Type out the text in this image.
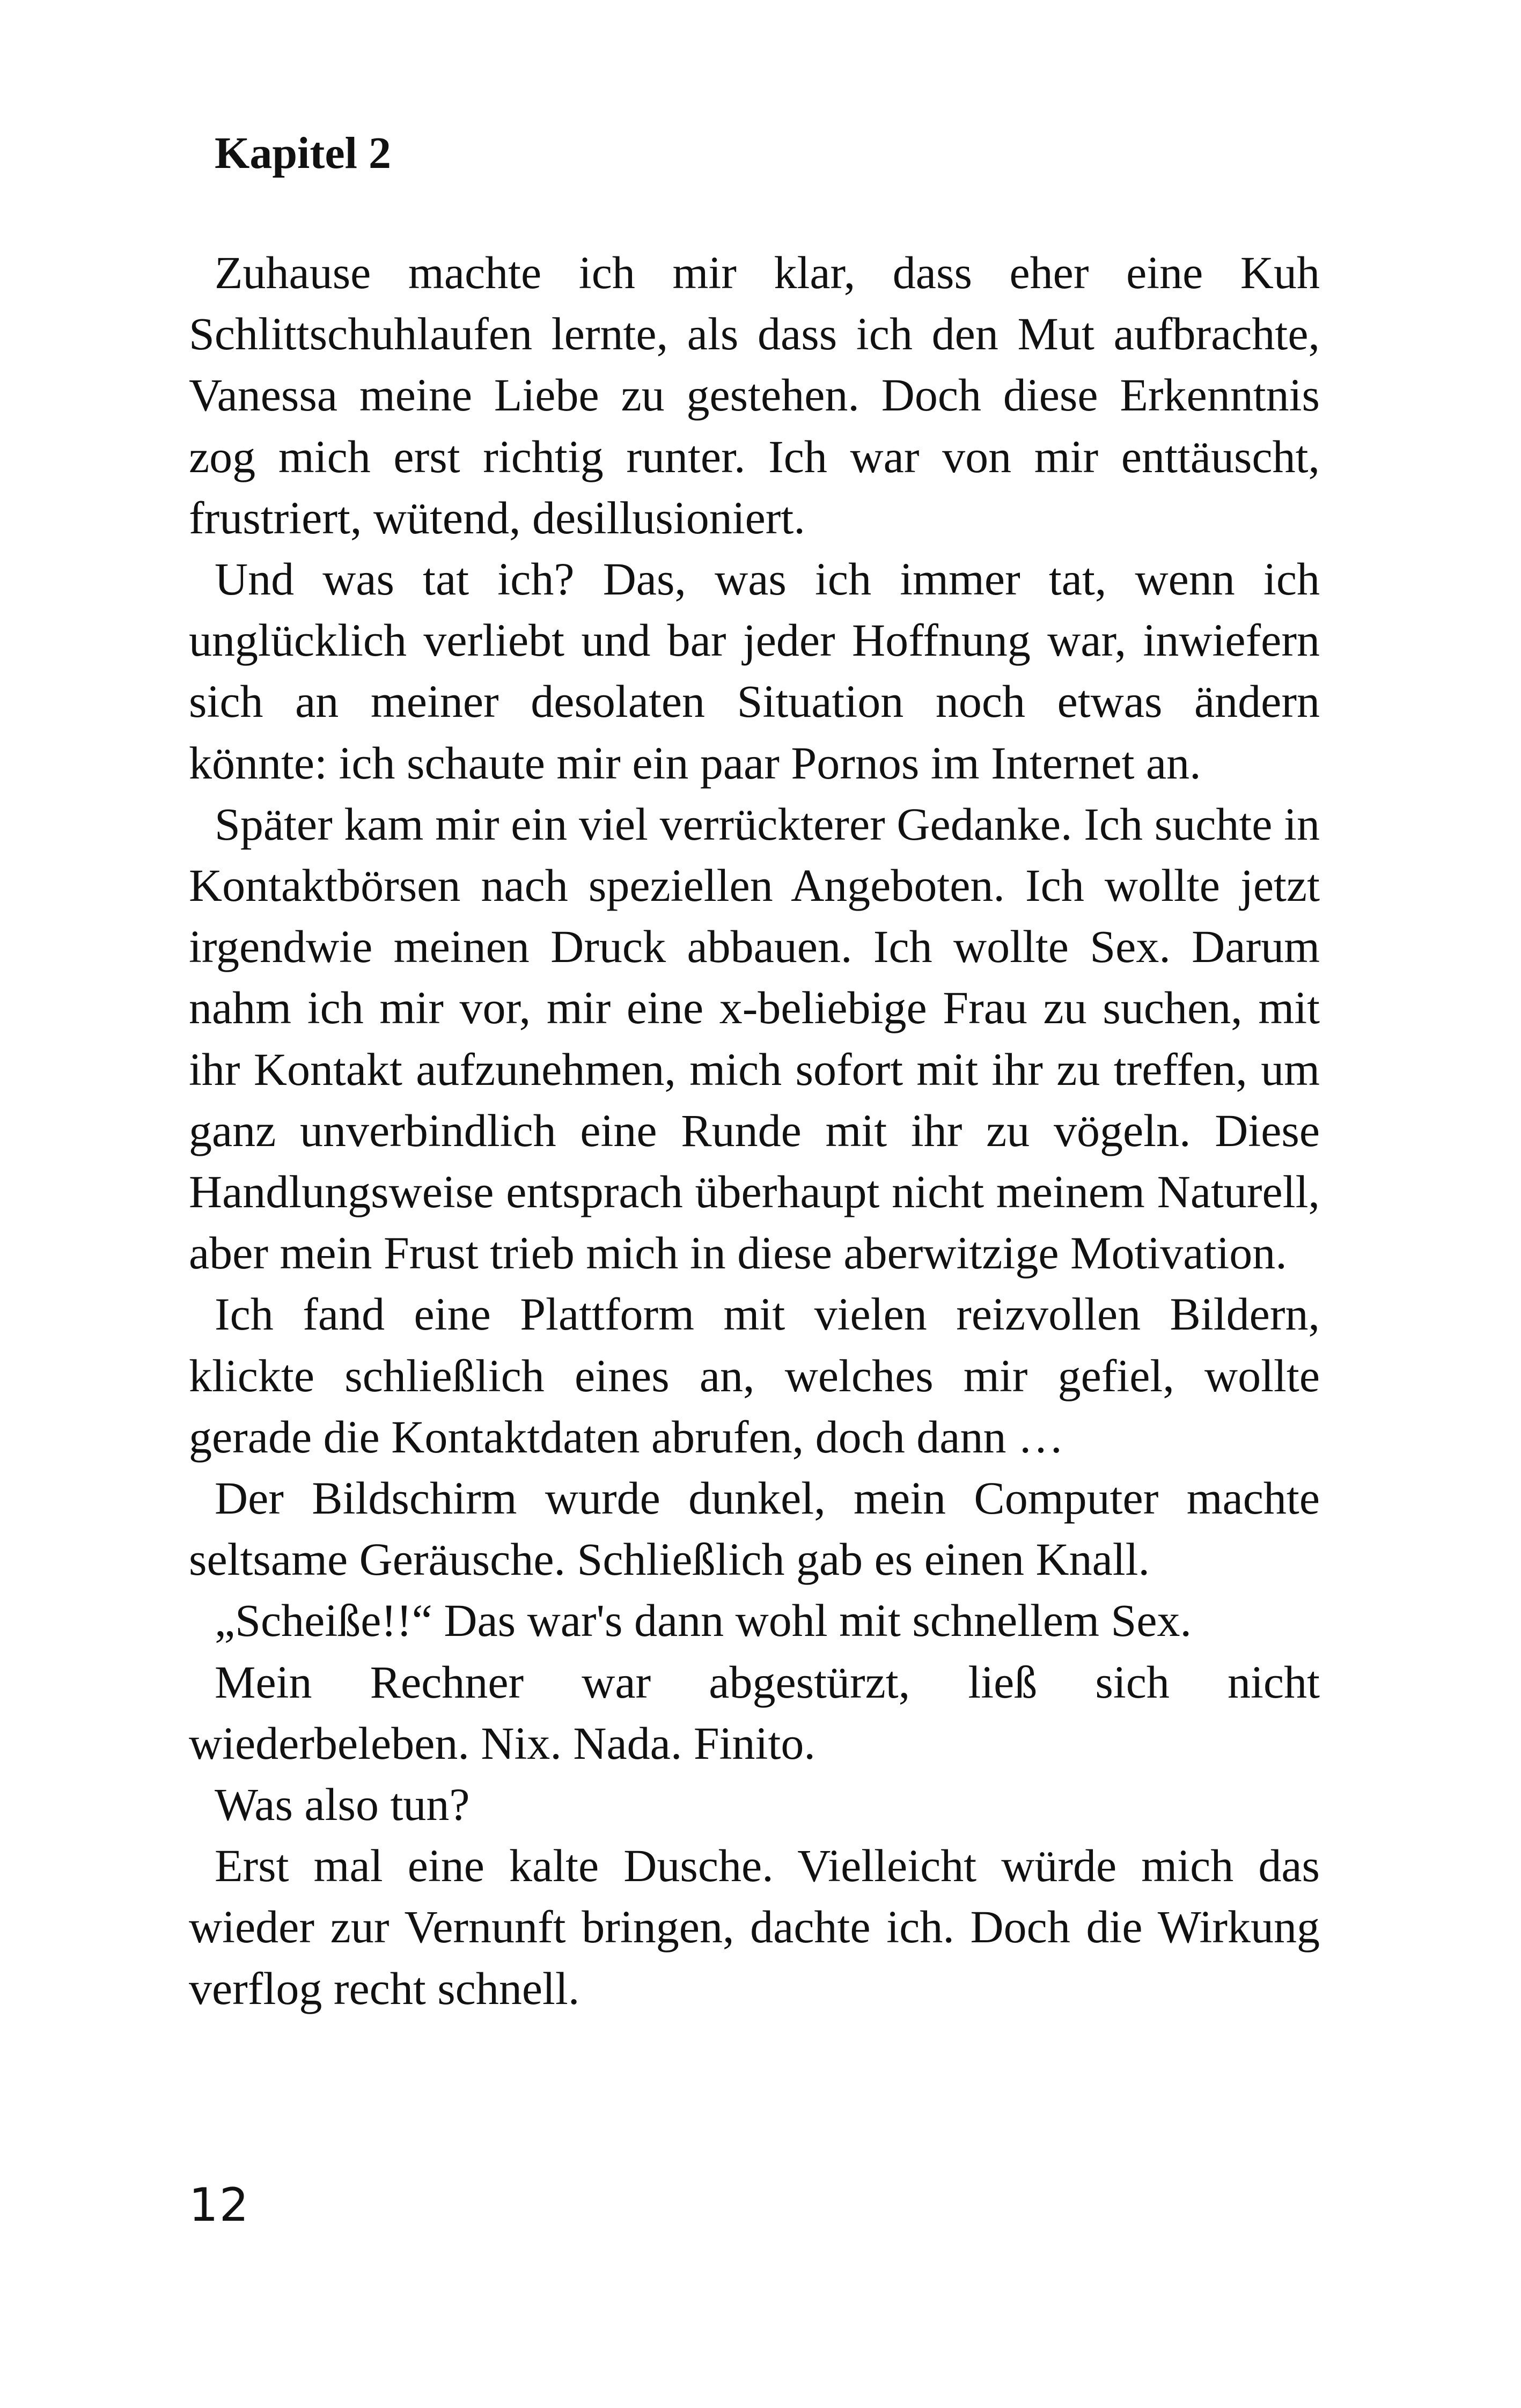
Kapitel 2

Zuhause machte ich mir klar, dass eher eine Kuh Schlittschuhlaufen lernte, als dass ich den Mut aufbrachte, Vanessa meine Liebe zu gestehen. Doch diese Erkenntnis zog mich erst richtig runter. Ich war von mir enttäuscht, frustriert, wütend, desillusioniert.

Und was tat ich? Das, was ich immer tat, wenn ich unglücklich verliebt und bar jeder Hoffnung war, inwiefern sich an meiner desolaten Situation noch etwas ändern könnte: ich schaute mir ein paar Pornos im Internet an.

Später kam mir ein viel verrückterer Gedanke. Ich suchte in Kontaktbörsen nach speziellen Angeboten. Ich wollte jetzt irgendwie meinen Druck abbauen. Ich wollte Sex. Darum nahm ich mir vor, mir eine x-beliebige Frau zu suchen, mit ihr Kontakt aufzunehmen, mich sofort mit ihr zu treffen, um ganz unverbindlich eine Runde mit ihr zu vögeln. Diese Handlungsweise entsprach überhaupt nicht meinem Naturell, aber mein Frust trieb mich in diese aberwitzige Motivation.

Ich fand eine Plattform mit vielen reizvollen Bildern, klickte schließlich eines an, welches mir gefiel, wollte gerade die Kontaktdaten abrufen, doch dann …

Der Bildschirm wurde dunkel, mein Computer machte seltsame Geräusche. Schließlich gab es einen Knall.

„Scheiße!!“ Das war's dann wohl mit schnellem Sex.

Mein Rechner war abgestürzt, ließ sich nicht wiederbeleben. Nix. Nada. Finito.

Was also tun?

Erst mal eine kalte Dusche. Vielleicht würde mich das wieder zur Vernunft bringen, dachte ich. Doch die Wirkung verflog recht schnell.

12
